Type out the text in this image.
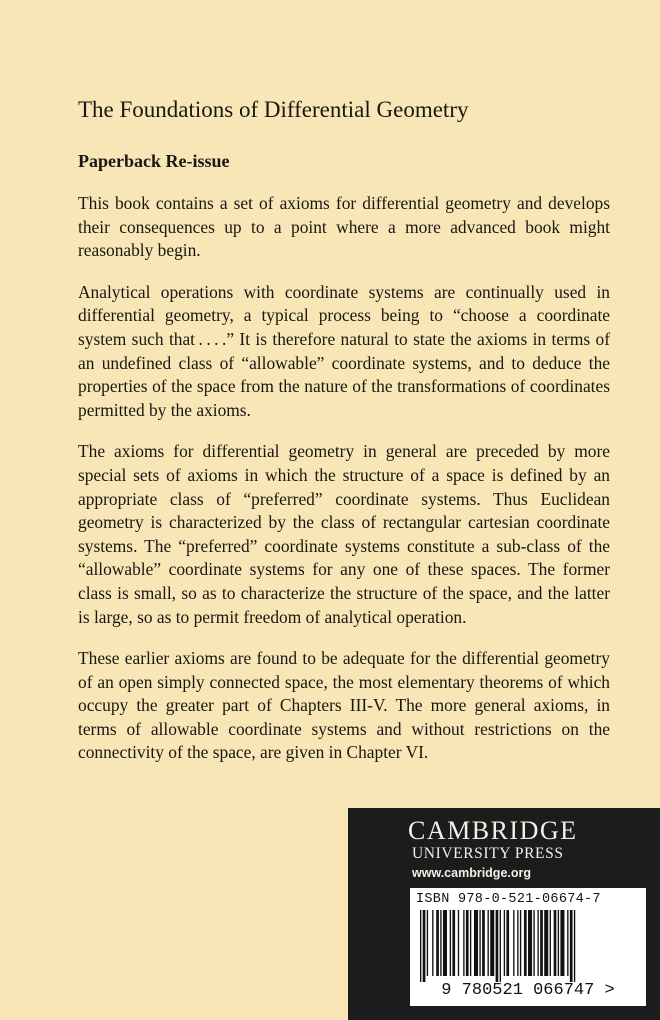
The Foundations of Differential Geometry
Paperback Re-issue

This book contains a set of axioms for differential geometry and develops their consequences up to a point where a more advanced book might reasonably begin.

Analytical operations with coordinate systems are continually used in differential geometry, a typical process being to “choose a coordinate system such that . . . .” It is therefore natural to state the axioms in terms of an undefined class of “allowable” coordinate systems, and to deduce the properties of the space from the nature of the transformations of coordinates permitted by the axioms.

The axioms for differential geometry in general are preceded by more special sets of axioms in which the structure of a space is defined by an appropriate class of “preferred” coordinate systems. Thus Euclidean geometry is characterized by the class of rectangular cartesian coordinate systems. The “preferred” coordinate systems constitute a sub-class of the “allowable” coordinate systems for any one of these spaces. The former class is small, so as to characterize the structure of the space, and the latter is large, so as to permit freedom of analytical operation.

These earlier axioms are found to be adequate for the differential geometry of an open simply connected space, the most elementary theorems of which occupy the greater part of Chapters III-V. The more general axioms, in terms of allowable coordinate systems and without restrictions on the connectivity of the space, are given in Chapter VI.

CAMBRIDGE
UNIVERSITY PRESS
www.cambridge.org
ISBN 978-0-521-06674-7
9 780521 066747 >
